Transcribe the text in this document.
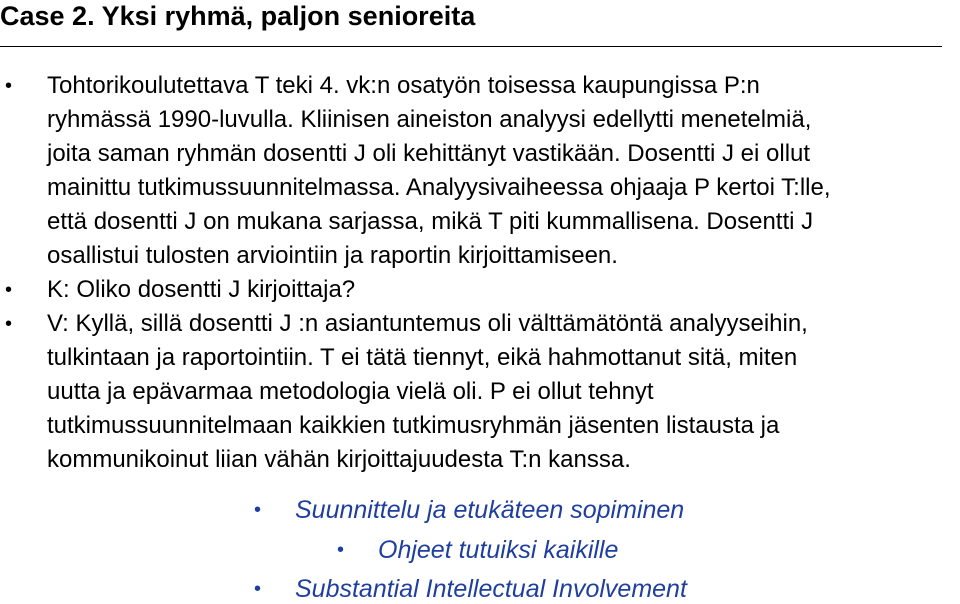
Case 2. Yksi ryhmä, paljon senioreita
•	Tohtorikoulutettava T teki 4. vk:n osatyön toisessa kaupungissa P:n
ryhmässä 1990-luvulla. Kliinisen aineiston analyysi edellytti menetelmiä,
joita saman ryhmän dosentti J oli kehittänyt vastikään. Dosentti J ei ollut
mainittu tutkimussuunnitelmassa. Analyysivaiheessa ohjaaja P kertoi T:lle,
että dosentti J on mukana sarjassa, mikä T piti kummallisena. Dosentti J
osallistui tulosten arviointiin ja raportin kirjoittamiseen.
•	K: Oliko dosentti J kirjoittaja?
•	V: Kyllä, sillä dosentti J :n asiantuntemus oli välttämätöntä analyyseihin,
tulkintaan ja raportointiin. T ei tätä tiennyt, eikä hahmottanut sitä, miten
uutta ja epävarmaa metodologia vielä oli. P ei ollut tehnyt
tutkimussuunnitelmaan kaikkien tutkimusryhmän jäsenten listausta ja
kommunikoinut liian vähän kirjoittajuudesta T:n kanssa.
• Suunnittelu ja etukäteen sopiminen
• Ohjeet tutuiksi kaikille
• Substantial Intellectual Involvement
